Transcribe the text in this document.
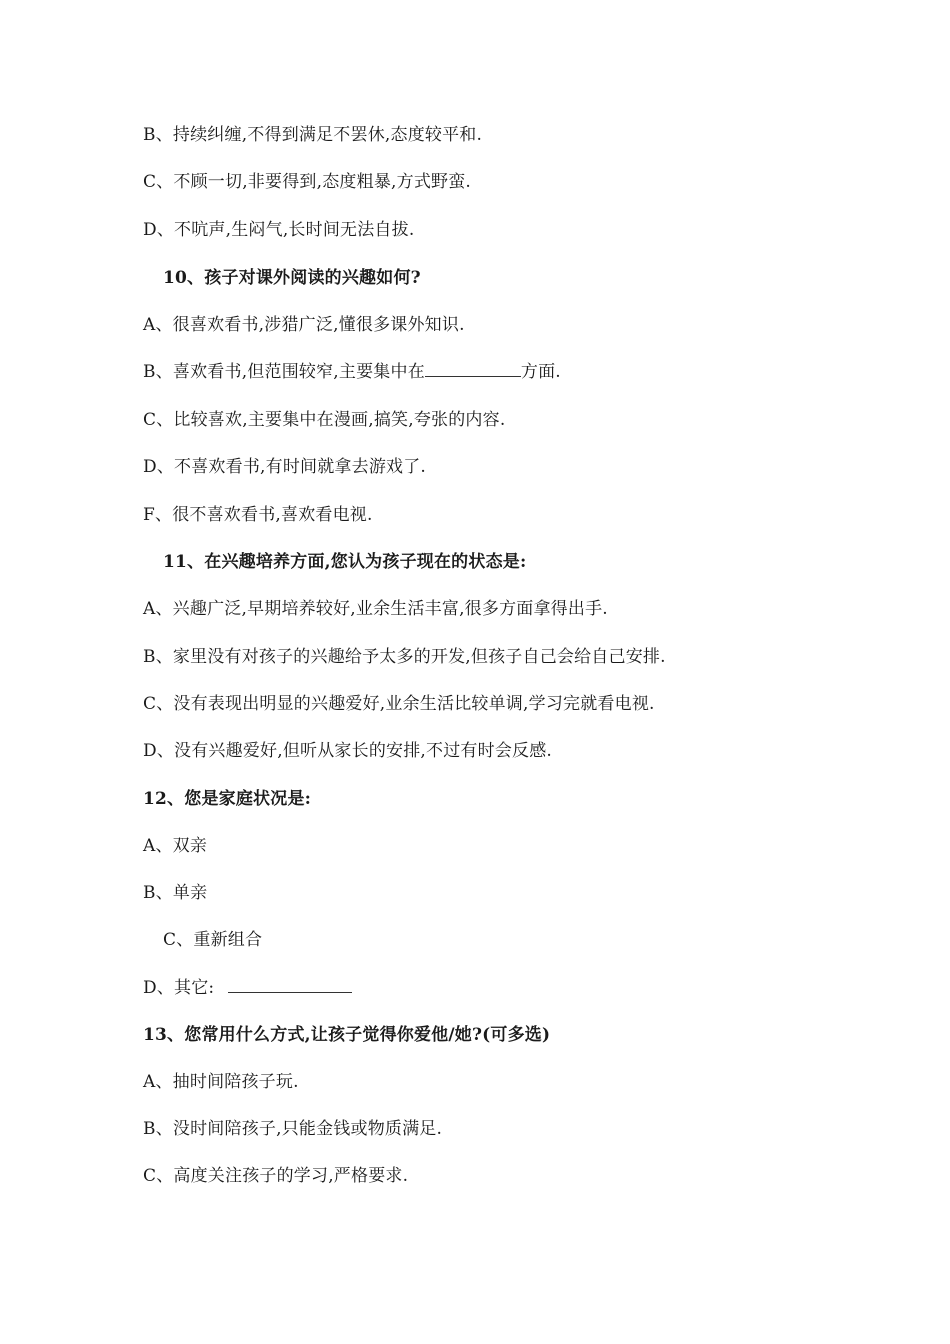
B、持续纠缠,不得到满足不罢休,态度较平和.
C、不顾一切,非要得到,态度粗暴,方式野蛮.
D、不吭声,生闷气,长时间无法自拔.
10、孩子对课外阅读的兴趣如何?
A、很喜欢看书,涉猎广泛,懂很多课外知识.
B、喜欢看书,但范围较窄,主要集中在	方面.
C、比较喜欢,主要集中在漫画,搞笑,夸张的内容.
D、不喜欢看书,有时间就拿去游戏了.
F、很不喜欢看书,喜欢看电视.
11、在兴趣培养方面,您认为孩子现在的状态是:
A、兴趣广泛,早期培养较好,业余生活丰富,很多方面拿得出手.
B、家里没有对孩子的兴趣给予太多的开发,但孩子自己会给自己安排.
C、没有表现出明显的兴趣爱好,业余生活比较单调,学习完就看电视.
D、没有兴趣爱好,但听从家长的安排,不过有时会反感.
12、您是家庭状况是:
A、双亲
B、单亲
C、重新组合
D、其它:
13、您常用什么方式,让孩子觉得你爱他/她?(可多选)
A、抽时间陪孩子玩.
B、没时间陪孩子,只能金钱或物质满足.
C、高度关注孩子的学习,严格要求.
